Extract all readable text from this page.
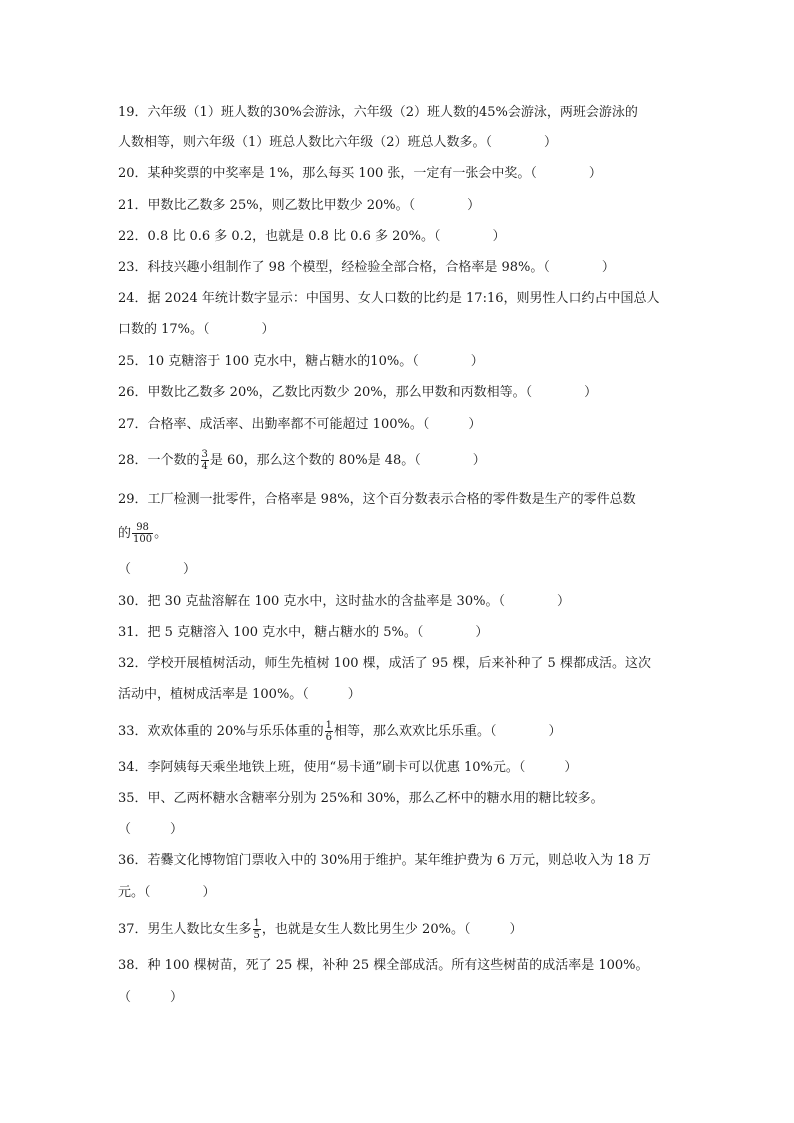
19．六年级（1）班人数的30%会游泳，六年级（2）班人数的45%会游泳，两班会游泳的
人数相等，则六年级（1）班总人数比六年级（2）班总人数多。（　　　　）
20．某种奖票的中奖率是 1%，那么每买 100 张，一定有一张会中奖。（　　　　）
21．甲数比乙数多 25%，则乙数比甲数少 20%。（　　　　）
22．0.8 比 0.6 多 0.2，也就是 0.8 比 0.6 多 20%。（　　　　）
23．科技兴趣小组制作了 98 个模型，经检验全部合格，合格率是 98%。（　　　　）
24．据 2024 年统计数字显示：中国男、女人口数的比约是 17:16，则男性人口约占中国总人
口数的 17%。（　　　　）
25．10 克糖溶于 100 克水中，糖占糖水的10%。（　　　　）
26．甲数比乙数多 20%，乙数比丙数少 20%，那么甲数和丙数相等。（　　　　）
27．合格率、成活率、出勤率都不可能超过 100%。（　　　）
28．一个数的 $\frac{3}{4}$ 是 60，那么这个数的 80%是 48。（　　　　）
29．工厂检测一批零件，合格率是 98%，这个百分数表示合格的零件数是生产的零件总数
的 $\frac{98}{100}$ 。
（　　　　）
30．把 30 克盐溶解在 100 克水中，这时盐水的含盐率是 30%。（　　　　）
31．把 5 克糖溶入 100 克水中，糖占糖水的 5%。（　　　　）
32．学校开展植树活动，师生先植树 100 棵，成活了 95 棵，后来补种了 5 棵都成活。这次
活动中，植树成活率是 100%。（　　　）
33．欢欢体重的 20%与乐乐体重的 $\frac{1}{6}$ 相等，那么欢欢比乐乐重。（　　　　）
34．李阿姨每天乘坐地铁上班，使用“易卡通”刷卡可以优惠 10%元。（　　　）
35．甲、乙两杯糖水含糖率分别为 25%和 30%，那么乙杯中的糖水用的糖比较多。
（　　　）
36．若爨文化博物馆门票收入中的 30%用于维护。某年维护费为 6 万元，则总收入为 18 万
元。（　　　　）
37．男生人数比女生多 $\frac{1}{5}$ ，也就是女生人数比男生少 20%。（　　　）
38．种 100 棵树苗，死了 25 棵，补种 25 棵全部成活。所有这些树苗的成活率是 100%。
（　　　）
